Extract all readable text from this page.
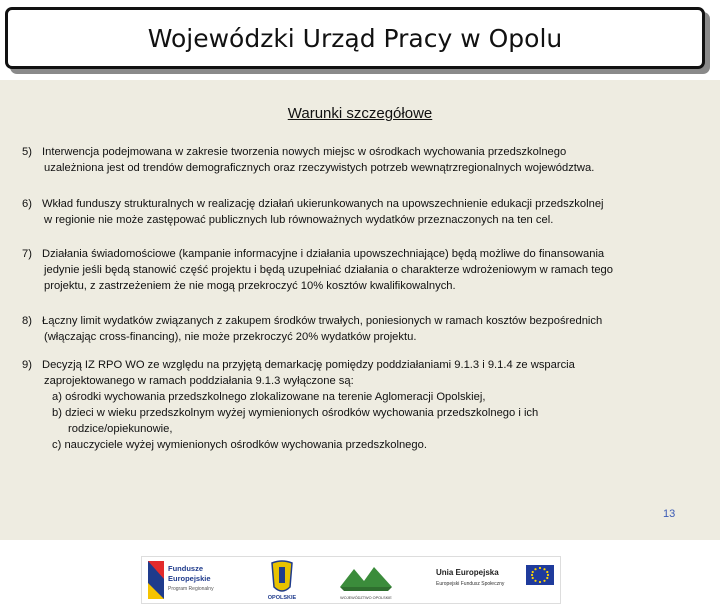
Wojewódzki Urząd Pracy w Opolu
Warunki szczegółowe
5) Interwencja podejmowana w zakresie tworzenia nowych miejsc w ośrodkach wychowania przedszkolnego
uzależniona jest od trendów demograficznych oraz rzeczywistych potrzeb wewnątrzregionalnych województwa.
6) Wkład funduszy strukturalnych w realizację działań ukierunkowanych na upowszechnienie edukacji przedszkolnej
w regionie nie może zastępować publicznych lub równoważnych wydatków przeznaczonych na ten cel.
7) Działania świadomościowe (kampanie informacyjne i działania upowszechniające) będą możliwe do finansowania
jedynie jeśli będą stanowić część projektu i będą uzupełniać działania o charakterze wdrożeniowym w ramach tego
projektu, z zastrzeżeniem że nie mogą przekroczyć 10% kosztów kwalifikowalnych.
8) Łączny limit wydatków związanych z zakupem środków trwałych, poniesionych w ramach kosztów bezpośrednich
(włączając cross-financing), nie może przekroczyć 20% wydatków projektu.
9) Decyzją IZ RPO WO ze względu na przyjętą demarkację pomiędzy poddziałaniami 9.1.3 i 9.1.4 ze wsparcia
zaprojektowanego w ramach poddziałania 9.1.3 wyłączone są:
a) ośrodki wychowania przedszkolnego zlokalizowane na terenie Aglomeracji Opolskiej,
b) dzieci w wieku przedszkolnym wyżej wymienionych ośrodków wychowania przedszkolnego i ich
rodzice/opiekunowie,
c) nauczyciele wyżej wymienionych ośrodków wychowania przedszkolnego.
Fundusze
Europejskie
Program Regionalny
OPOLSKIE	WOJEWÓDZTWO OPOLSKIE
Unia Europejska
Europejski Fundusz Społeczny
13
